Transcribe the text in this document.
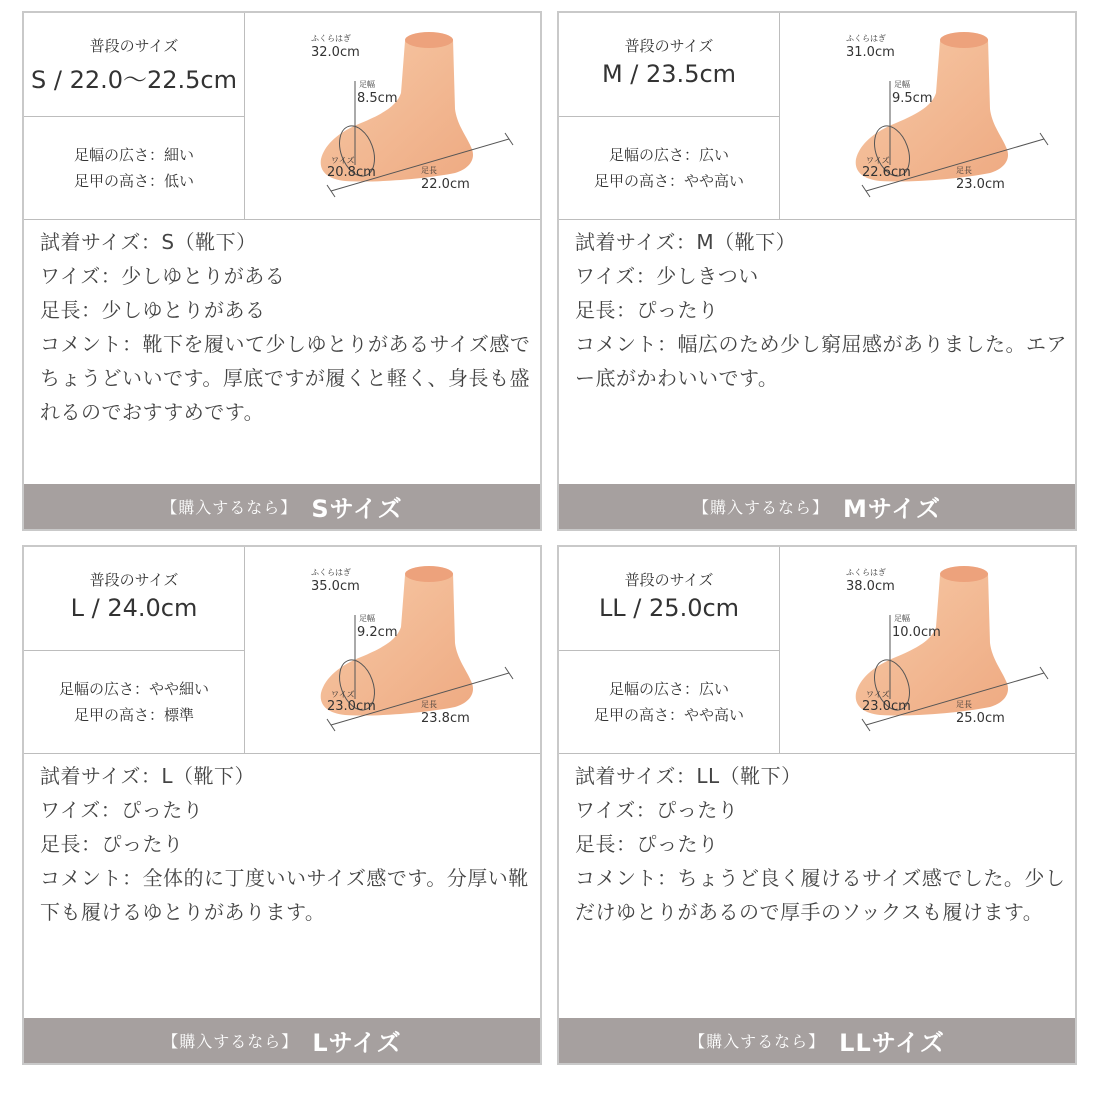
普段のサイズ
S / 22.0〜22.5cm
足幅の広さ：細い
足甲の高さ：低い
ふくらはぎ
32.0cm
足幅
8.5cm
ワイズ
20.8cm	足長
22.0cm
試着サイズ：S（靴下）
ワイズ：少しゆとりがある
足長：少しゆとりがある
コメント：靴下を履いて少しゆとりがあるサイズ感でちょうどいいです。厚底ですが履くと軽く、身長も盛れるのでおすすめです。
【購入するなら】 Sサイズ
普段のサイズ
M / 23.5cm
足幅の広さ：広い
足甲の高さ：やや高い
ふくらはぎ
31.0cm
足幅
9.5cm
ワイズ
22.6cm	足長
23.0cm
試着サイズ：M（靴下）
ワイズ：少しきつい
足長：ぴったり
コメント：幅広のため少し窮屈感がありました。エアー底がかわいいです。
【購入するなら】 Mサイズ
普段のサイズ
L / 24.0cm
足幅の広さ：やや細い
足甲の高さ：標準
ふくらはぎ
35.0cm
足幅
9.2cm
ワイズ
23.0cm	足長
23.8cm
試着サイズ：L（靴下）
ワイズ：ぴったり
足長：ぴったり
コメント：全体的に丁度いいサイズ感です。分厚い靴下も履けるゆとりがあります。
【購入するなら】 Lサイズ
普段のサイズ
LL / 25.0cm
足幅の広さ：広い
足甲の高さ：やや高い
ふくらはぎ
38.0cm
足幅
10.0cm
ワイズ
23.0cm	足長
25.0cm
試着サイズ：LL（靴下）
ワイズ：ぴったり
足長：ぴったり
コメント：ちょうど良く履けるサイズ感でした。少しだけゆとりがあるので厚手のソックスも履けます。
【購入するなら】 LLサイズ
